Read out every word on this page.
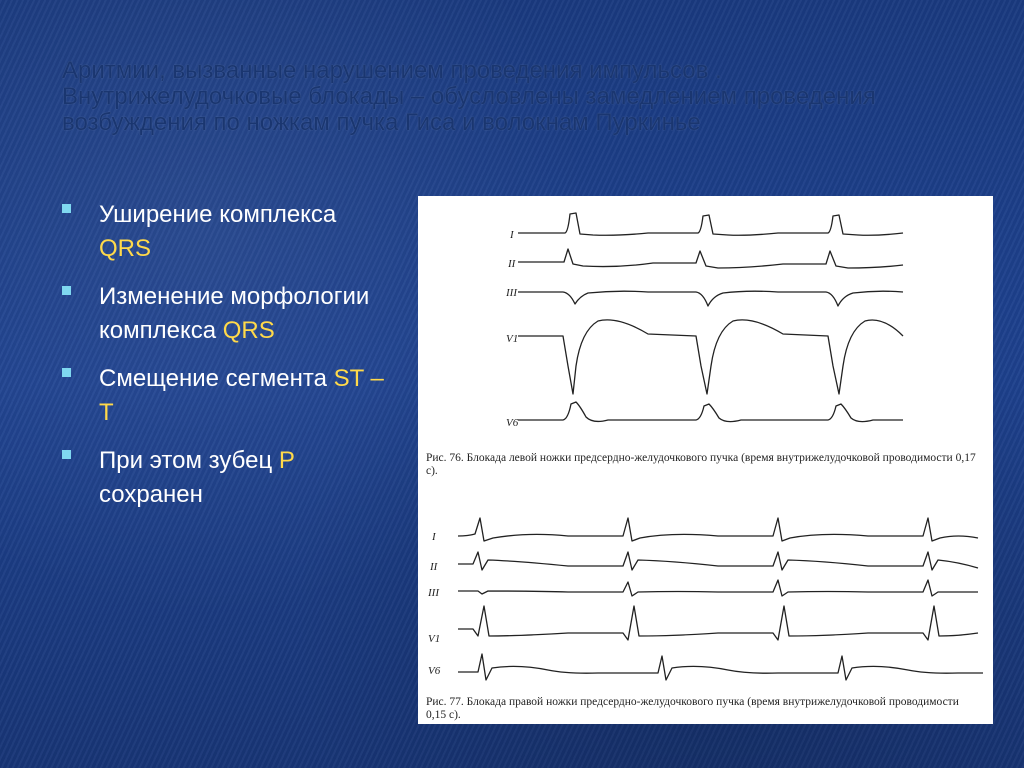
Аритмии, вызванные нарушением проведения импульсов . Внутрижелудочковые блокады – обусловлены замедлением проведения возбуждения по ножкам пучка Гиса и волокнам Пуркинье
Уширение комплекса QRS
Изменение морфологии комплекса QRS
Смещение сегмента ST –T
При этом зубец P сохранен
I
II
III
V1
V6
I
II
III
V1
V6

Рис. 76. Блокада левой ножки предсердно-желудочкового пучка (время внутрижелудочковой проводимости 0,17 с).

Рис. 77. Блокада правой ножки предсердно-желудочкового пучка (время внутрижелудочковой проводимости 0,15 с).
